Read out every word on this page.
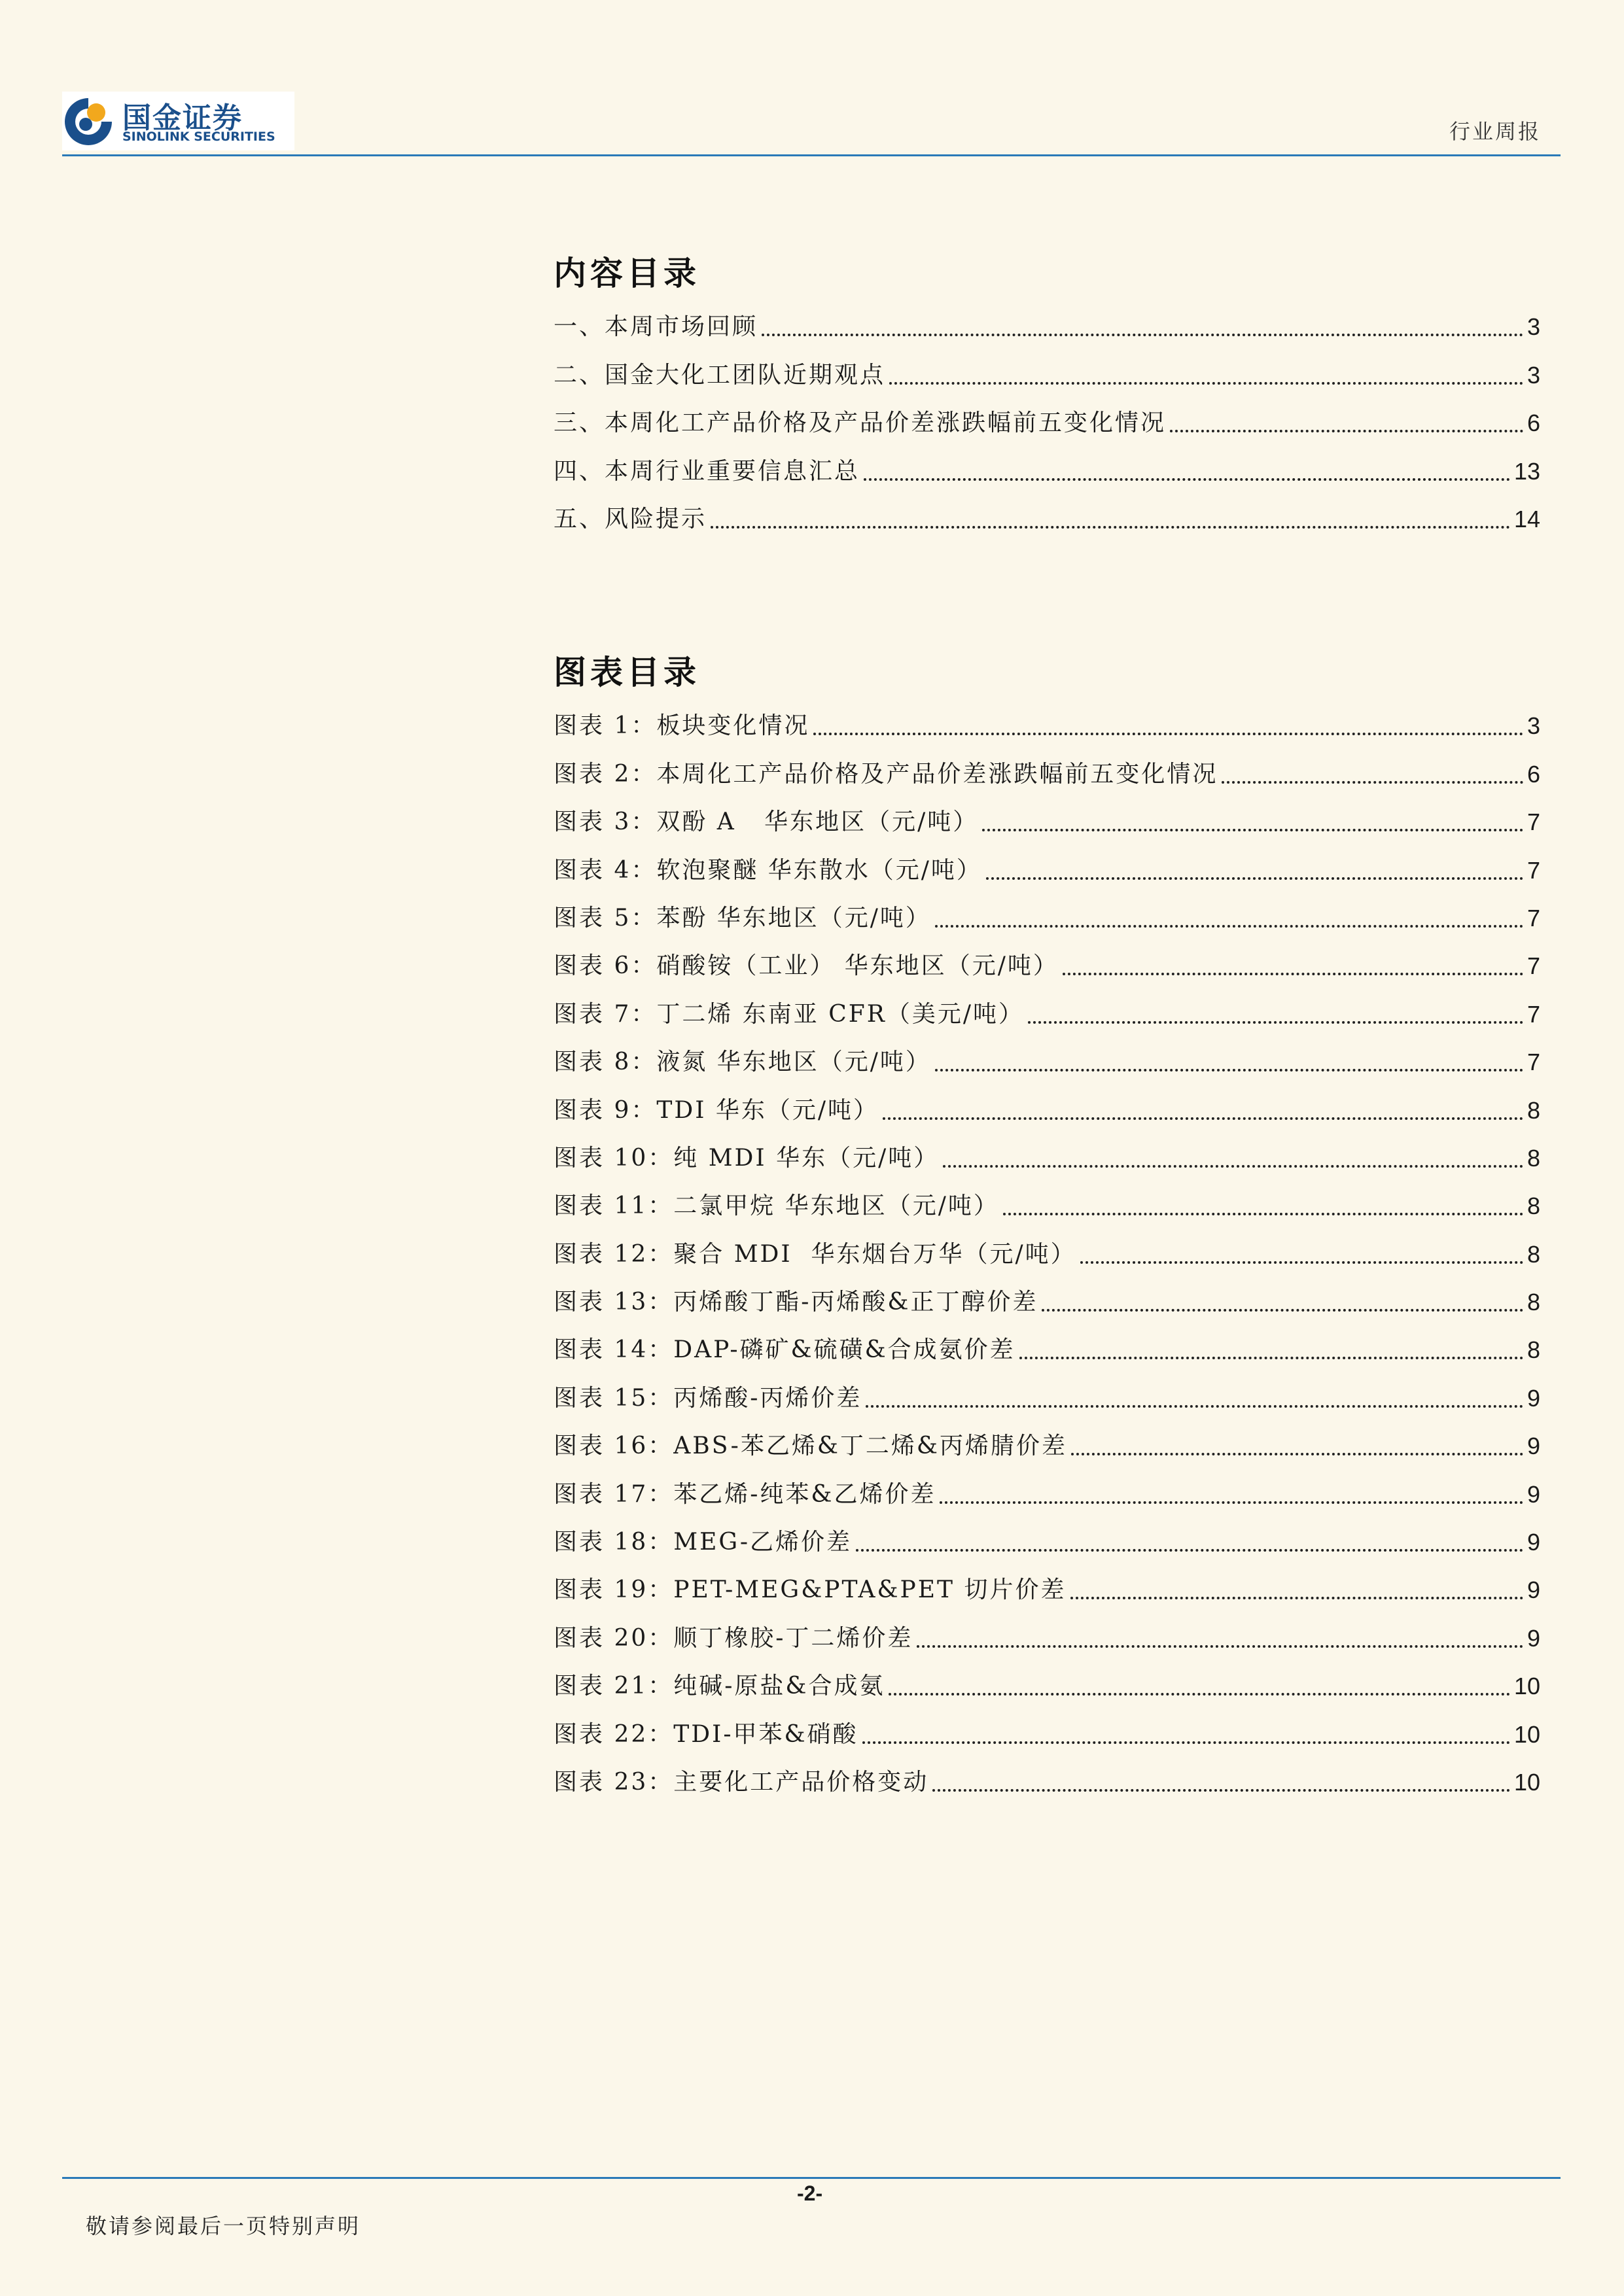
国金证券
SINOLINK SECURITIES	行业周报
内容目录
一、本周市场回顾	3
二、国金大化工团队近期观点	3
三、本周化工产品价格及产品价差涨跌幅前五变化情况	6
四、本周行业重要信息汇总	13
五、风险提示	14
图表目录
图表 1：板块变化情况	3
图表 2：本周化工产品价格及产品价差涨跌幅前五变化情况	6
图表 3：双酚 A   华东地区（元/吨）	7
图表 4：软泡聚醚 华东散水（元/吨）	7
图表 5：苯酚 华东地区（元/吨）	7
图表 6：硝酸铵（工业） 华东地区（元/吨）	7
图表 7：丁二烯 东南亚 CFR（美元/吨）	7
图表 8：液氮 华东地区（元/吨）	7
图表 9：TDI 华东（元/吨）	8
图表 10：纯 MDI 华东（元/吨）	8
图表 11：二氯甲烷 华东地区（元/吨）	8
图表 12：聚合 MDI  华东烟台万华（元/吨）	8
图表 13：丙烯酸丁酯-丙烯酸&正丁醇价差	8
图表 14：DAP-磷矿&硫磺&合成氨价差	8
图表 15：丙烯酸-丙烯价差	9
图表 16：ABS-苯乙烯&丁二烯&丙烯腈价差	9
图表 17：苯乙烯-纯苯&乙烯价差	9
图表 18：MEG-乙烯价差	9
图表 19：PET-MEG&PTA&PET 切片价差	9
图表 20：顺丁橡胶-丁二烯价差	9
图表 21：纯碱-原盐&合成氨	10
图表 22：TDI-甲苯&硝酸	10
图表 23：主要化工产品价格变动	10
-2-
敬请参阅最后一页特别声明
